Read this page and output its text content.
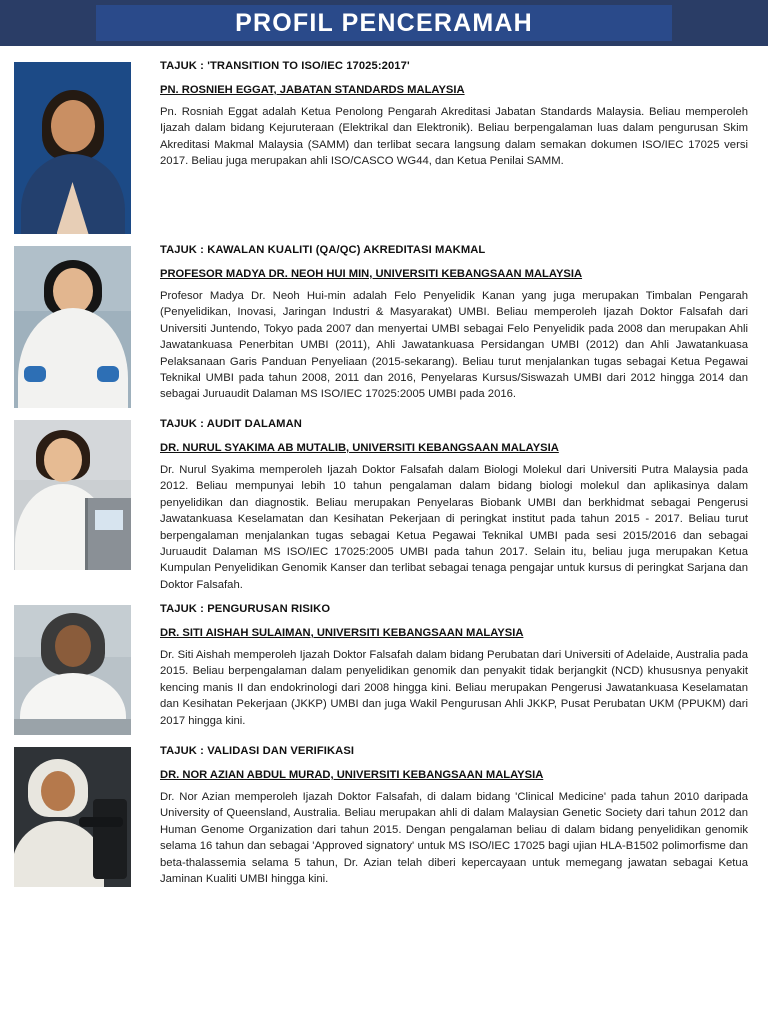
PROFIL PENCERAMAH
TAJUK : 'TRANSITION TO ISO/IEC 17025:2017'
PN. ROSNIEH EGGAT, JABATAN STANDARDS MALAYSIA

Pn. Rosniah Eggat adalah Ketua Penolong Pengarah Akreditasi Jabatan Standards Malaysia. Beliau memperoleh Ijazah dalam bidang Kejuruteraan (Elektrikal dan Elektronik). Beliau berpengalaman luas dalam pengurusan Skim Akreditasi Makmal Malaysia (SAMM) dan terlibat secara langsung dalam semakan dokumen ISO/IEC 17025 versi 2017. Beliau juga merupakan ahli ISO/CASCO WG44, dan Ketua Penilai SAMM.

TAJUK : KAWALAN KUALITI (QA/QC) AKREDITASI MAKMAL
PROFESOR MADYA DR. NEOH HUI MIN, UNIVERSITI KEBANGSAAN MALAYSIA

Profesor Madya Dr. Neoh Hui-min adalah Felo Penyelidik Kanan yang juga merupakan Timbalan Pengarah (Penyelidikan, Inovasi, Jaringan Industri & Masyarakat) UMBI. Beliau memperoleh Ijazah Doktor Falsafah dari Universiti Juntendo, Tokyo pada 2007 dan menyertai UMBI sebagai Felo Penyelidik pada 2008 dan merupakan Ahli Jawatankuasa Penerbitan UMBI (2011), Ahli Jawatankuasa Persidangan UMBI (2012) dan Ahli Jawatankuasa Pelaksanaan Garis Panduan Penyeliaan (2015-sekarang). Beliau turut menjalankan tugas sebagai Ketua Pegawai Teknikal UMBI pada tahun 2008, 2011 dan 2016, Penyelaras Kursus/Siswazah UMBI dari 2012 hingga 2014 dan sebagai Juruaudit Dalaman MS ISO/IEC 17025:2005 UMBI pada 2016.

TAJUK : AUDIT DALAMAN
DR. NURUL SYAKIMA AB MUTALIB, UNIVERSITI KEBANGSAAN MALAYSIA

Dr. Nurul Syakima memperoleh Ijazah Doktor Falsafah dalam Biologi Molekul dari Universiti Putra Malaysia pada 2012. Beliau mempunyai lebih 10 tahun pengalaman dalam bidang biologi molekul dan aplikasinya dalam penyelidikan dan diagnostik. Beliau merupakan Penyelaras Biobank UMBI dan berkhidmat sebagai Pengerusi Jawatankuasa Keselamatan dan Kesihatan Pekerjaan di peringkat institut pada tahun 2015 - 2017. Beliau turut berpengalaman menjalankan tugas sebagai Ketua Pegawai Teknikal UMBI pada sesi 2015/2016 dan sebagai Juruaudit Dalaman MS ISO/IEC 17025:2005 UMBI pada tahun 2017. Selain itu, beliau juga merupakan Ketua Kumpulan Penyelidikan Genomik Kanser dan terlibat sebagai tenaga pengajar untuk kursus di peringkat Sarjana dan Doktor Falsafah.

TAJUK : PENGURUSAN RISIKO
DR. SITI AISHAH SULAIMAN, UNIVERSITI KEBANGSAAN MALAYSIA

Dr. Siti Aishah memperoleh Ijazah Doktor Falsafah dalam bidang Perubatan dari Universiti of Adelaide, Australia pada 2015. Beliau berpengalaman dalam penyelidikan genomik dan penyakit tidak berjangkit (NCD) khususnya penyakit kencing manis II dan endokrinologi dari 2008 hingga kini. Beliau merupakan Pengerusi Jawatankuasa Keselamatan dan Kesihatan Pekerjaan (JKKP) UMBI dan juga Wakil Pengurusan Ahli JKKP, Pusat Perubatan UKM (PPUKM) dari 2017 hingga kini.

TAJUK : VALIDASI DAN VERIFIKASI
DR. NOR AZIAN ABDUL MURAD, UNIVERSITI KEBANGSAAN MALAYSIA

Dr. Nor Azian memperoleh Ijazah Doktor Falsafah, di dalam bidang 'Clinical Medicine' pada tahun 2010 daripada University of Queensland, Australia. Beliau merupakan ahli di dalam Malaysian Genetic Society dari tahun 2012 dan Human Genome Organization dari tahun 2015. Dengan pengalaman beliau di dalam bidang penyelidikan genomik selama 16 tahun dan sebagai 'Approved signatory' untuk MS ISO/IEC 17025 bagi ujian HLA-B1502 polimorfisme dan beta-thalassemia selama 5 tahun, Dr. Azian telah diberi kepercayaan untuk memegang jawatan sebagai Ketua Jaminan Kualiti UMBI hingga kini.
